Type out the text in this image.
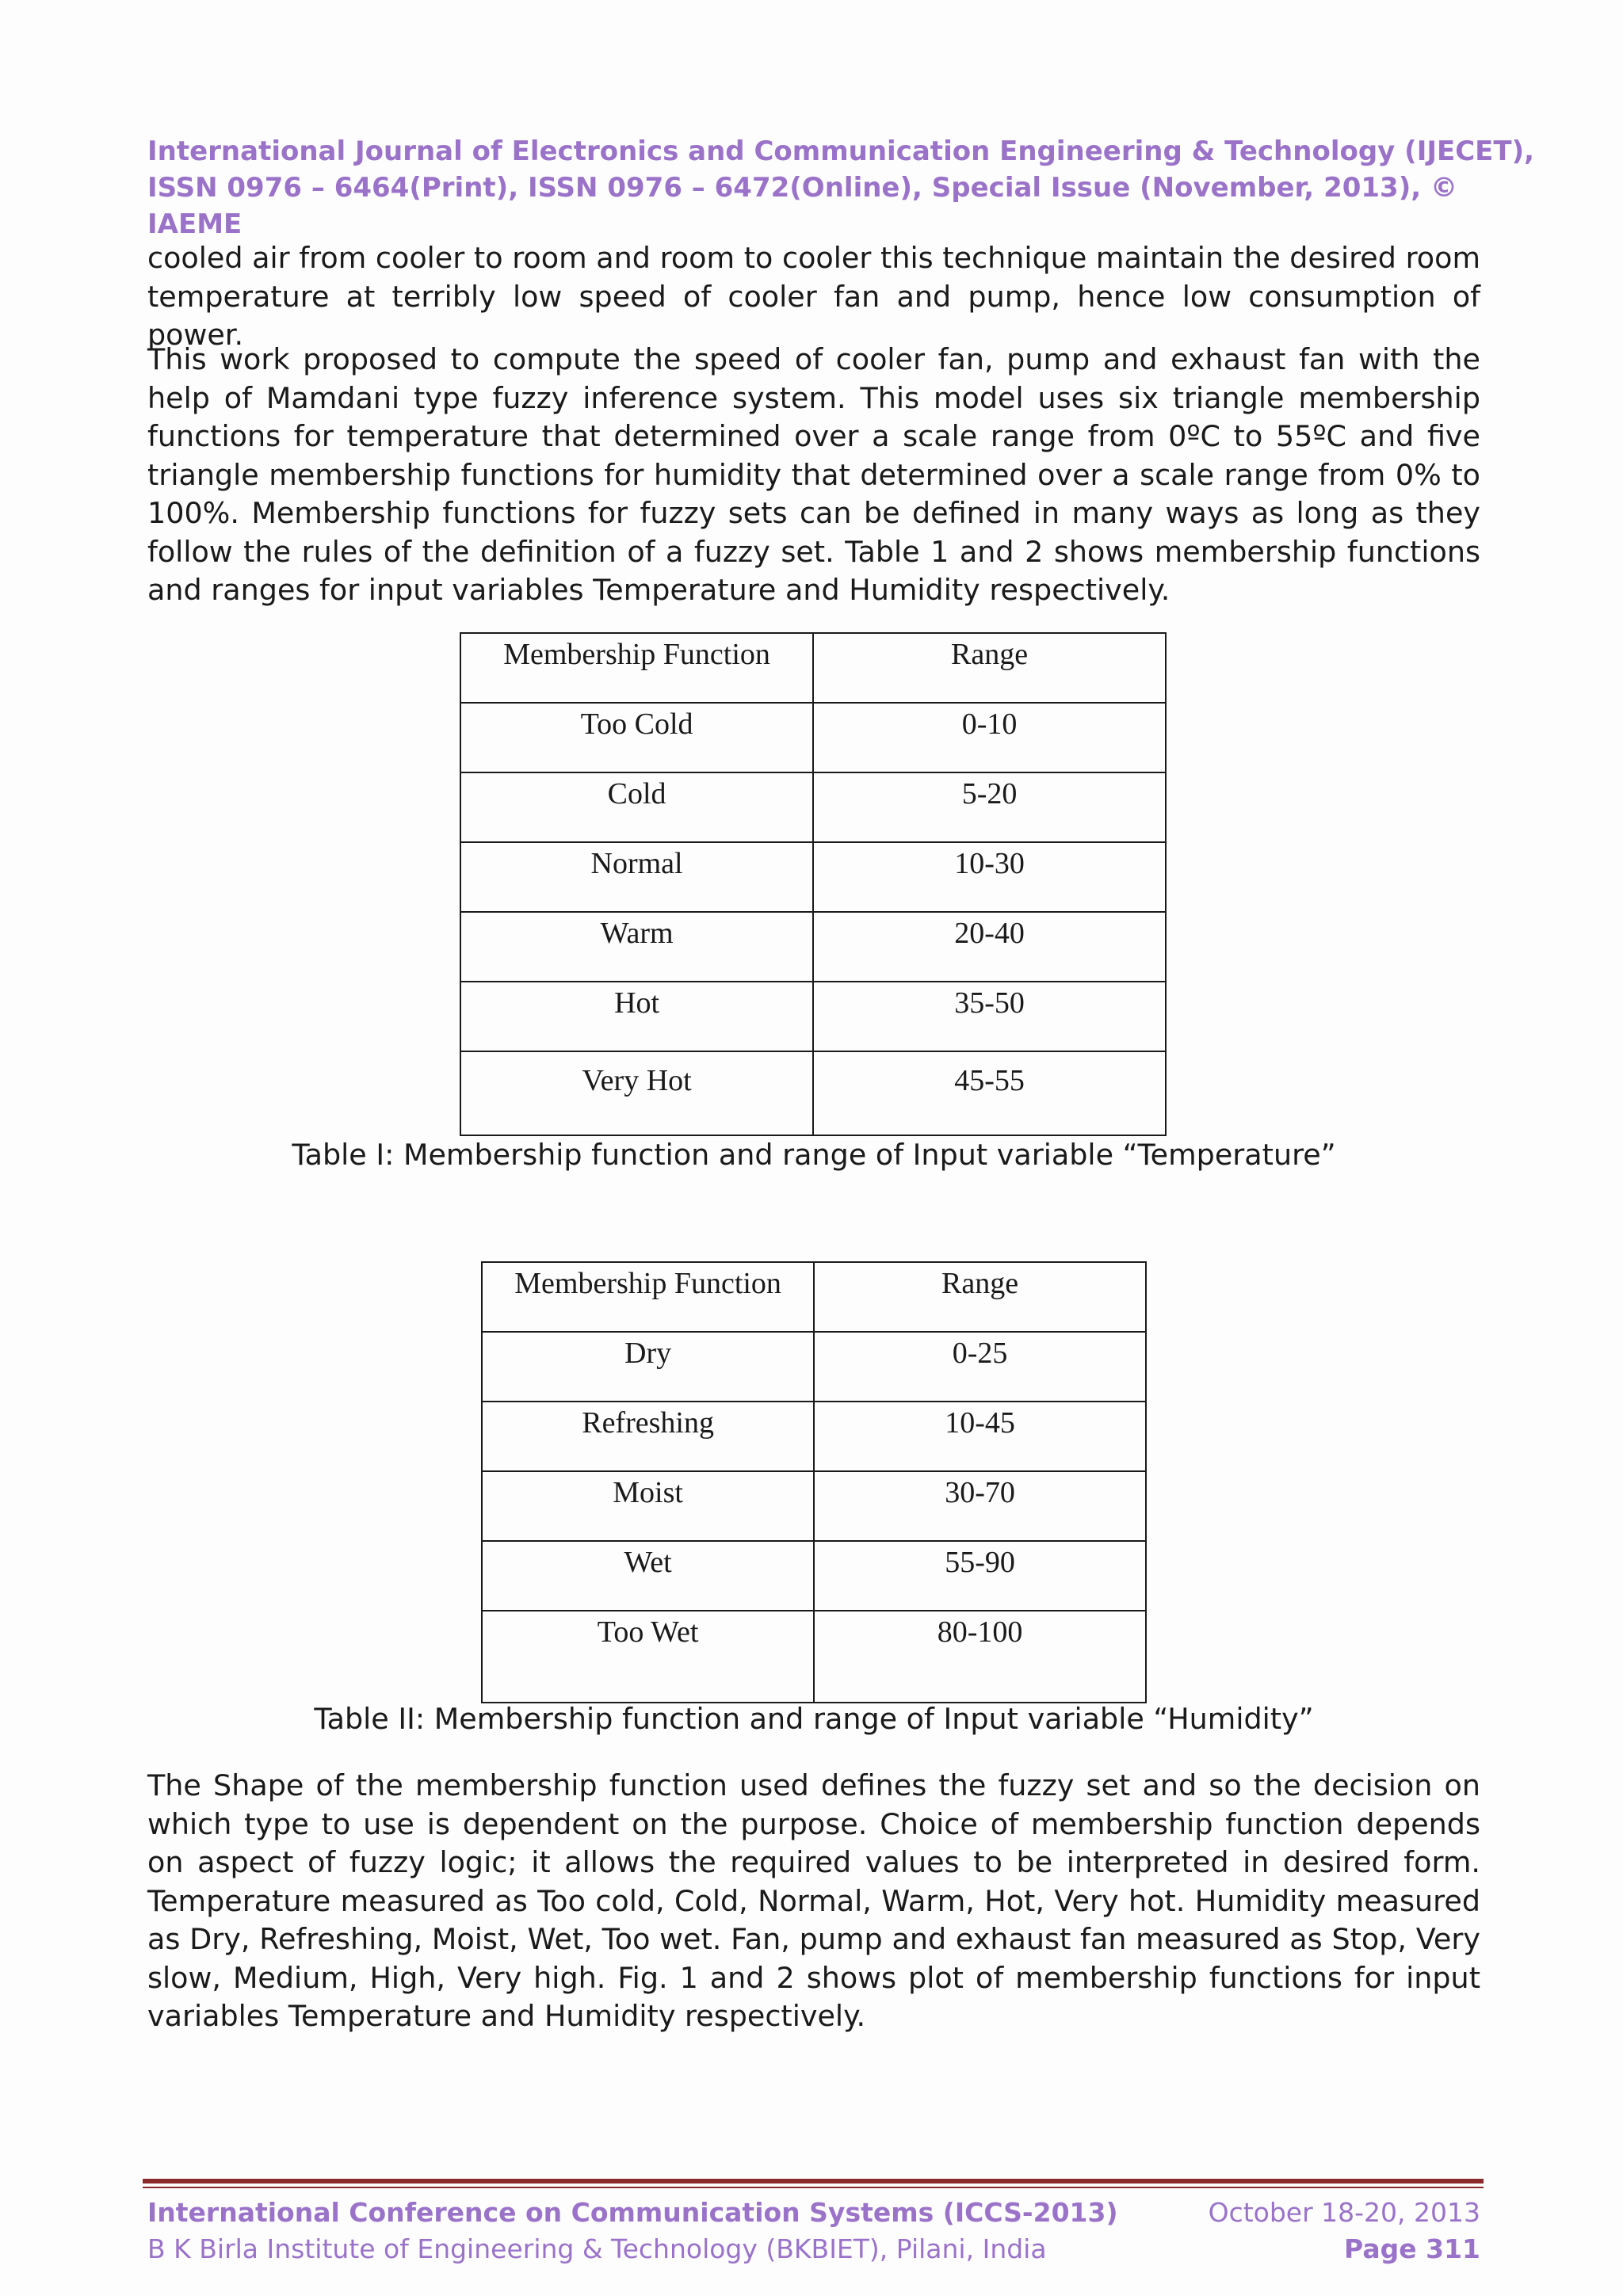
International Journal of Electronics and Communication Engineering & Technology (IJECET),
ISSN 0976 – 6464(Print), ISSN 0976 – 6472(Online), Special Issue (November, 2013), © IAEME
cooled air from cooler to room and room to cooler this technique maintain the desired room temperature at terribly low speed of cooler fan and pump, hence low consumption of power.
This work proposed to compute the speed of cooler fan, pump and exhaust fan with the help of Mamdani type fuzzy inference system. This model uses six triangle membership functions for temperature that determined over a scale range from 0ºC to 55ºC and five triangle membership functions for humidity that determined over a scale range from 0% to 100%. Membership functions for fuzzy sets can be defined in many ways as long as they follow the rules of the definition of a fuzzy set. Table 1 and 2 shows membership functions and ranges for input variables Temperature and Humidity respectively.
Membership Function	Range
Too Cold	0-10
Cold	5-20
Normal	10-30
Warm	20-40
Hot	35-50
Very Hot	45-55
Table I: Membership function and range of Input variable “Temperature”
Membership Function	Range
Dry	0-25
Refreshing	10-45
Moist	30-70
Wet	55-90
Too Wet	80-100
Table II: Membership function and range of Input variable “Humidity”
The Shape of the membership function used defines the fuzzy set and so the decision on which type to use is dependent on the purpose. Choice of membership function depends on aspect of fuzzy logic; it allows the required values to be interpreted in desired form. Temperature measured as Too cold, Cold, Normal, Warm, Hot, Very hot. Humidity measured as Dry, Refreshing, Moist, Wet, Too wet. Fan, pump and exhaust fan measured as Stop, Very slow, Medium, High, Very high. Fig. 1 and 2 shows plot of membership functions for input variables Temperature and Humidity respectively.
International Conference on Communication Systems (ICCS-2013)	October 18-20, 2013
B K Birla Institute of Engineering & Technology (BKBIET), Pilani, India	Page 311
